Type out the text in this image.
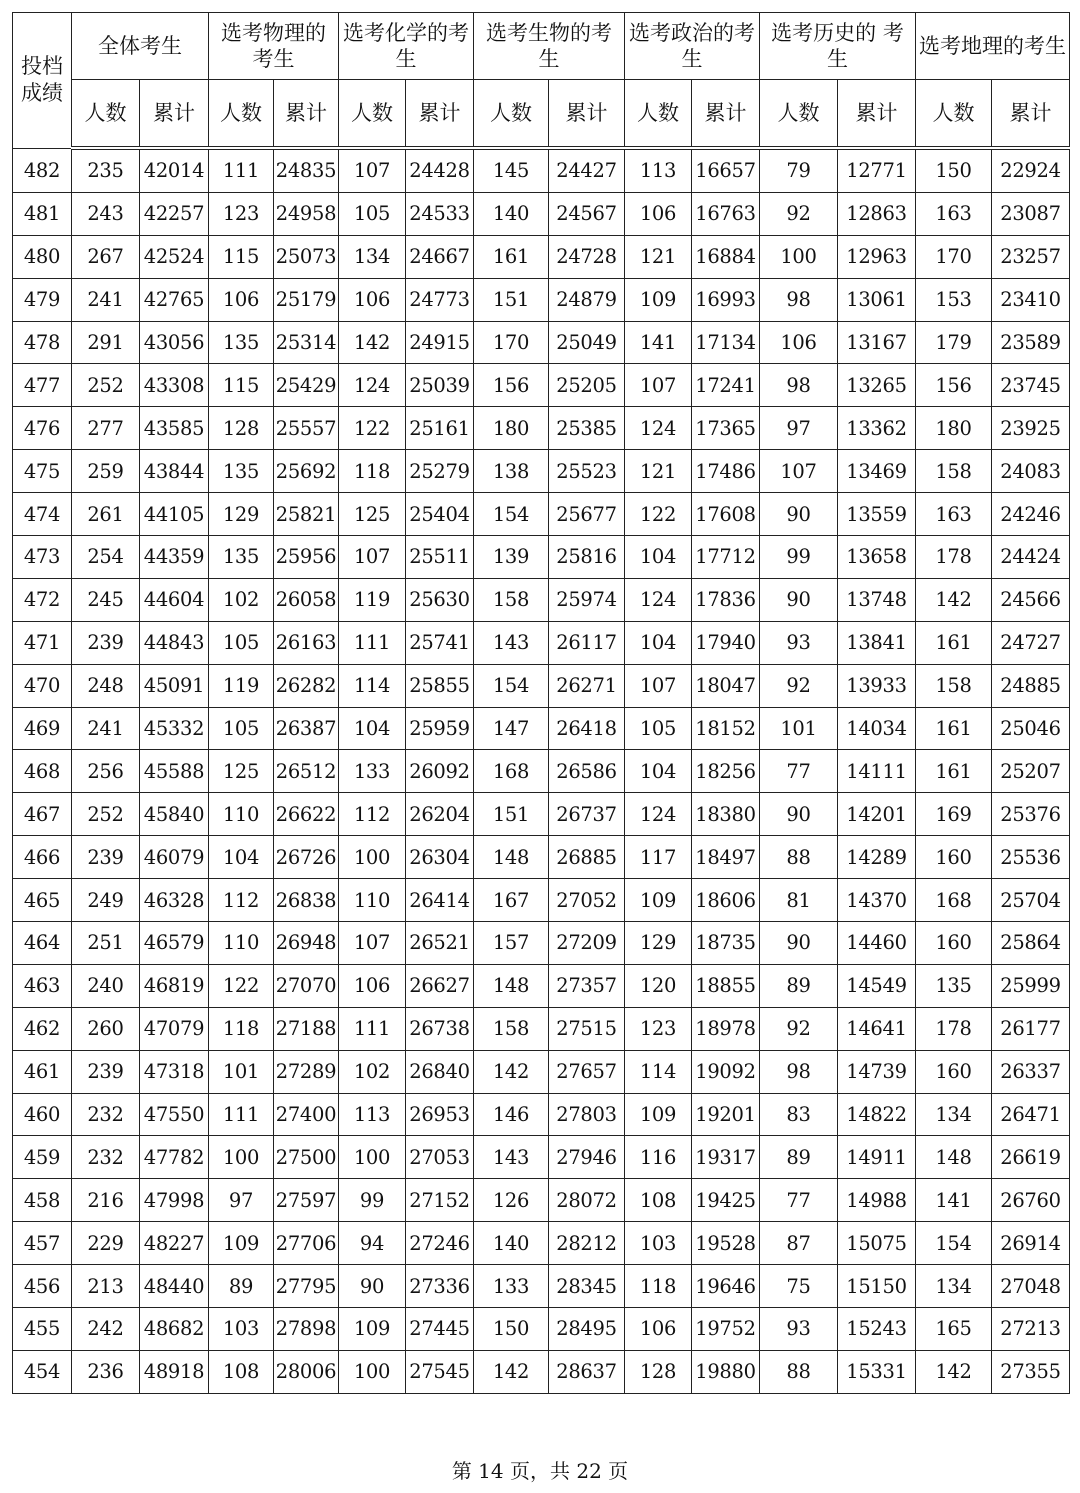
投档成绩	全体考生		选考物理的考生		选考化学的考生		选考生物的考生		选考政治的考生		选考历史的 考生		选考地理的考生	
	人数	累计	人数	累计	人数	累计	人数	累计	人数	累计	人数	累计	人数	累计
482	235	42014	111	24835	107	24428	145	24427	113	16657	79	12771	150	22924
481	243	42257	123	24958	105	24533	140	24567	106	16763	92	12863	163	23087
480	267	42524	115	25073	134	24667	161	24728	121	16884	100	12963	170	23257
479	241	42765	106	25179	106	24773	151	24879	109	16993	98	13061	153	23410
478	291	43056	135	25314	142	24915	170	25049	141	17134	106	13167	179	23589
477	252	43308	115	25429	124	25039	156	25205	107	17241	98	13265	156	23745
476	277	43585	128	25557	122	25161	180	25385	124	17365	97	13362	180	23925
475	259	43844	135	25692	118	25279	138	25523	121	17486	107	13469	158	24083
474	261	44105	129	25821	125	25404	154	25677	122	17608	90	13559	163	24246
473	254	44359	135	25956	107	25511	139	25816	104	17712	99	13658	178	24424
472	245	44604	102	26058	119	25630	158	25974	124	17836	90	13748	142	24566
471	239	44843	105	26163	111	25741	143	26117	104	17940	93	13841	161	24727
470	248	45091	119	26282	114	25855	154	26271	107	18047	92	13933	158	24885
469	241	45332	105	26387	104	25959	147	26418	105	18152	101	14034	161	25046
468	256	45588	125	26512	133	26092	168	26586	104	18256	77	14111	161	25207
467	252	45840	110	26622	112	26204	151	26737	124	18380	90	14201	169	25376
466	239	46079	104	26726	100	26304	148	26885	117	18497	88	14289	160	25536
465	249	46328	112	26838	110	26414	167	27052	109	18606	81	14370	168	25704
464	251	46579	110	26948	107	26521	157	27209	129	18735	90	14460	160	25864
463	240	46819	122	27070	106	26627	148	27357	120	18855	89	14549	135	25999
462	260	47079	118	27188	111	26738	158	27515	123	18978	92	14641	178	26177
461	239	47318	101	27289	102	26840	142	27657	114	19092	98	14739	160	26337
460	232	47550	111	27400	113	26953	146	27803	109	19201	83	14822	134	26471
459	232	47782	100	27500	100	27053	143	27946	116	19317	89	14911	148	26619
458	216	47998	97	27597	99	27152	126	28072	108	19425	77	14988	141	26760
457	229	48227	109	27706	94	27246	140	28212	103	19528	87	15075	154	26914
456	213	48440	89	27795	90	27336	133	28345	118	19646	75	15150	134	27048
455	242	48682	103	27898	109	27445	150	28495	106	19752	93	15243	165	27213
454	236	48918	108	28006	100	27545	142	28637	128	19880	88	15331	142	27355
第 14 页，共 22 页
